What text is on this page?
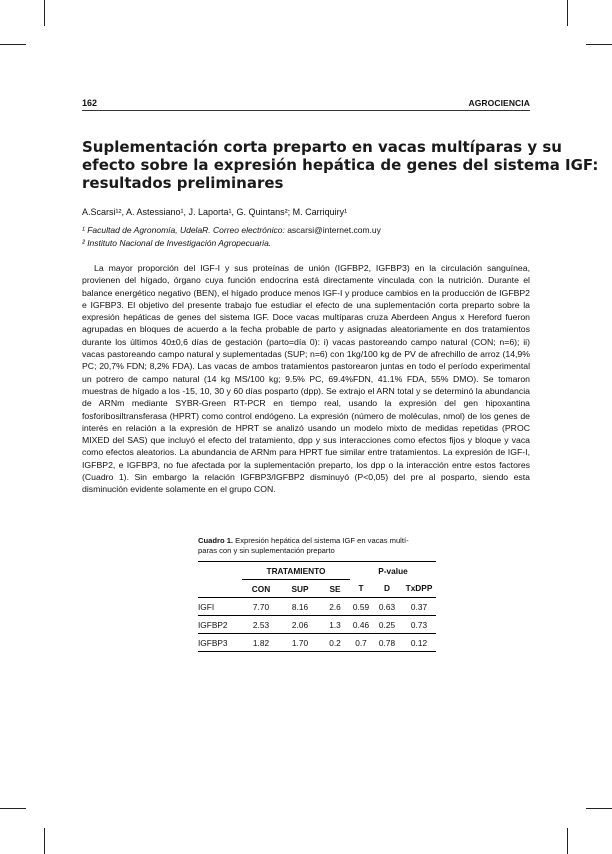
162	AGROCIENCIA
Suplementación corta preparto en vacas multíparas y su
efecto sobre la expresión hepática de genes del sistema IGF:
resultados preliminares
A.Scarsi¹², A. Astessiano¹, J. Laporta¹, G. Quintans²; M. Carriquiry¹
¹ Facultad de Agronomía, UdelaR. Correo electrónico: ascarsi@internet.com.uy
² Instituto Nacional de Investigación Agropecuaria.

La mayor proporción del IGF-I y sus proteínas de unión (IGFBP2, IGFBP3) en la circulación sanguínea, provienen del hígado, órgano cuya función endocrina está directamente vinculada con la nutrición. Durante el balance energético negativo (BEN), el hígado produce menos IGF-I y produce cambios en la producción de IGFBP2 e IGFBP3. El objetivo del presente trabajo fue estudiar el efecto de una suplementación corta preparto sobre la expresión hepáticas de genes del sistema IGF. Doce vacas multíparas cruza Aberdeen Angus x Hereford fueron agrupadas en bloques de acuerdo a la fecha probable de parto y asignadas aleatoriamente en dos tratamientos durante los últimos 40±0,6 días de gestación (parto=día 0): i) vacas pastoreando campo natural (CON; n=6); ii) vacas pastoreando campo natural y suplementadas (SUP; n=6) con 1kg/100 kg de PV de afrechillo de arroz (14,9% PC; 20,7% FDN; 8,2% FDA). Las vacas de ambos tratamientos pastorearon juntas en todo el período experimental un potrero de campo natural (14 kg MS/100 kg; 9.5% PC, 69.4%FDN, 41.1% FDA, 55% DMO). Se tomaron muestras de hígado a los -15, 10, 30 y 60 días posparto (dpp). Se extrajo el ARN total y se determinó la abundancia de ARNm mediante SYBR-Green RT-PCR en tiempo real, usando la expresión del gen hipoxantina fosforibosiltransferasa (HPRT) como control endógeno. La expresión (número de moléculas, nmol) de los genes de interés en relación a la expresión de HPRT se analizó usando un modelo mixto de medidas repetidas (PROC MIXED del SAS) que incluyó el efecto del tratamiento, dpp y sus interacciones como efectos fijos y bloque y vaca como efectos aleatorios. La abundancia de ARNm para HPRT fue similar entre tratamientos. La expresión de IGF-I, IGFBP2, e IGFBP3, no fue afectada por la suplementación preparto, los dpp o la interacción entre estos factores (Cuadro 1). Sin embargo la relación IGFBP3/IGFBP2 disminuyó (P<0,05) del pre al posparto, siendo esta disminución evidente solamente en el grupo CON.

Cuadro 1. Expresión hepática del sistema IGF en vacas multí-
paras con y sin suplementación preparto
	TRATAMIENTO			P-value		
	CON	SUP	SE	T	D	TxDPP
IGFI	7.70	8.16	2.6	0.59	0.63	0.37
IGFBP2	2.53	2.06	1.3	0.46	0.25	0.73
IGFBP3	1.82	1.70	0.2	0.7	0.78	0.12
